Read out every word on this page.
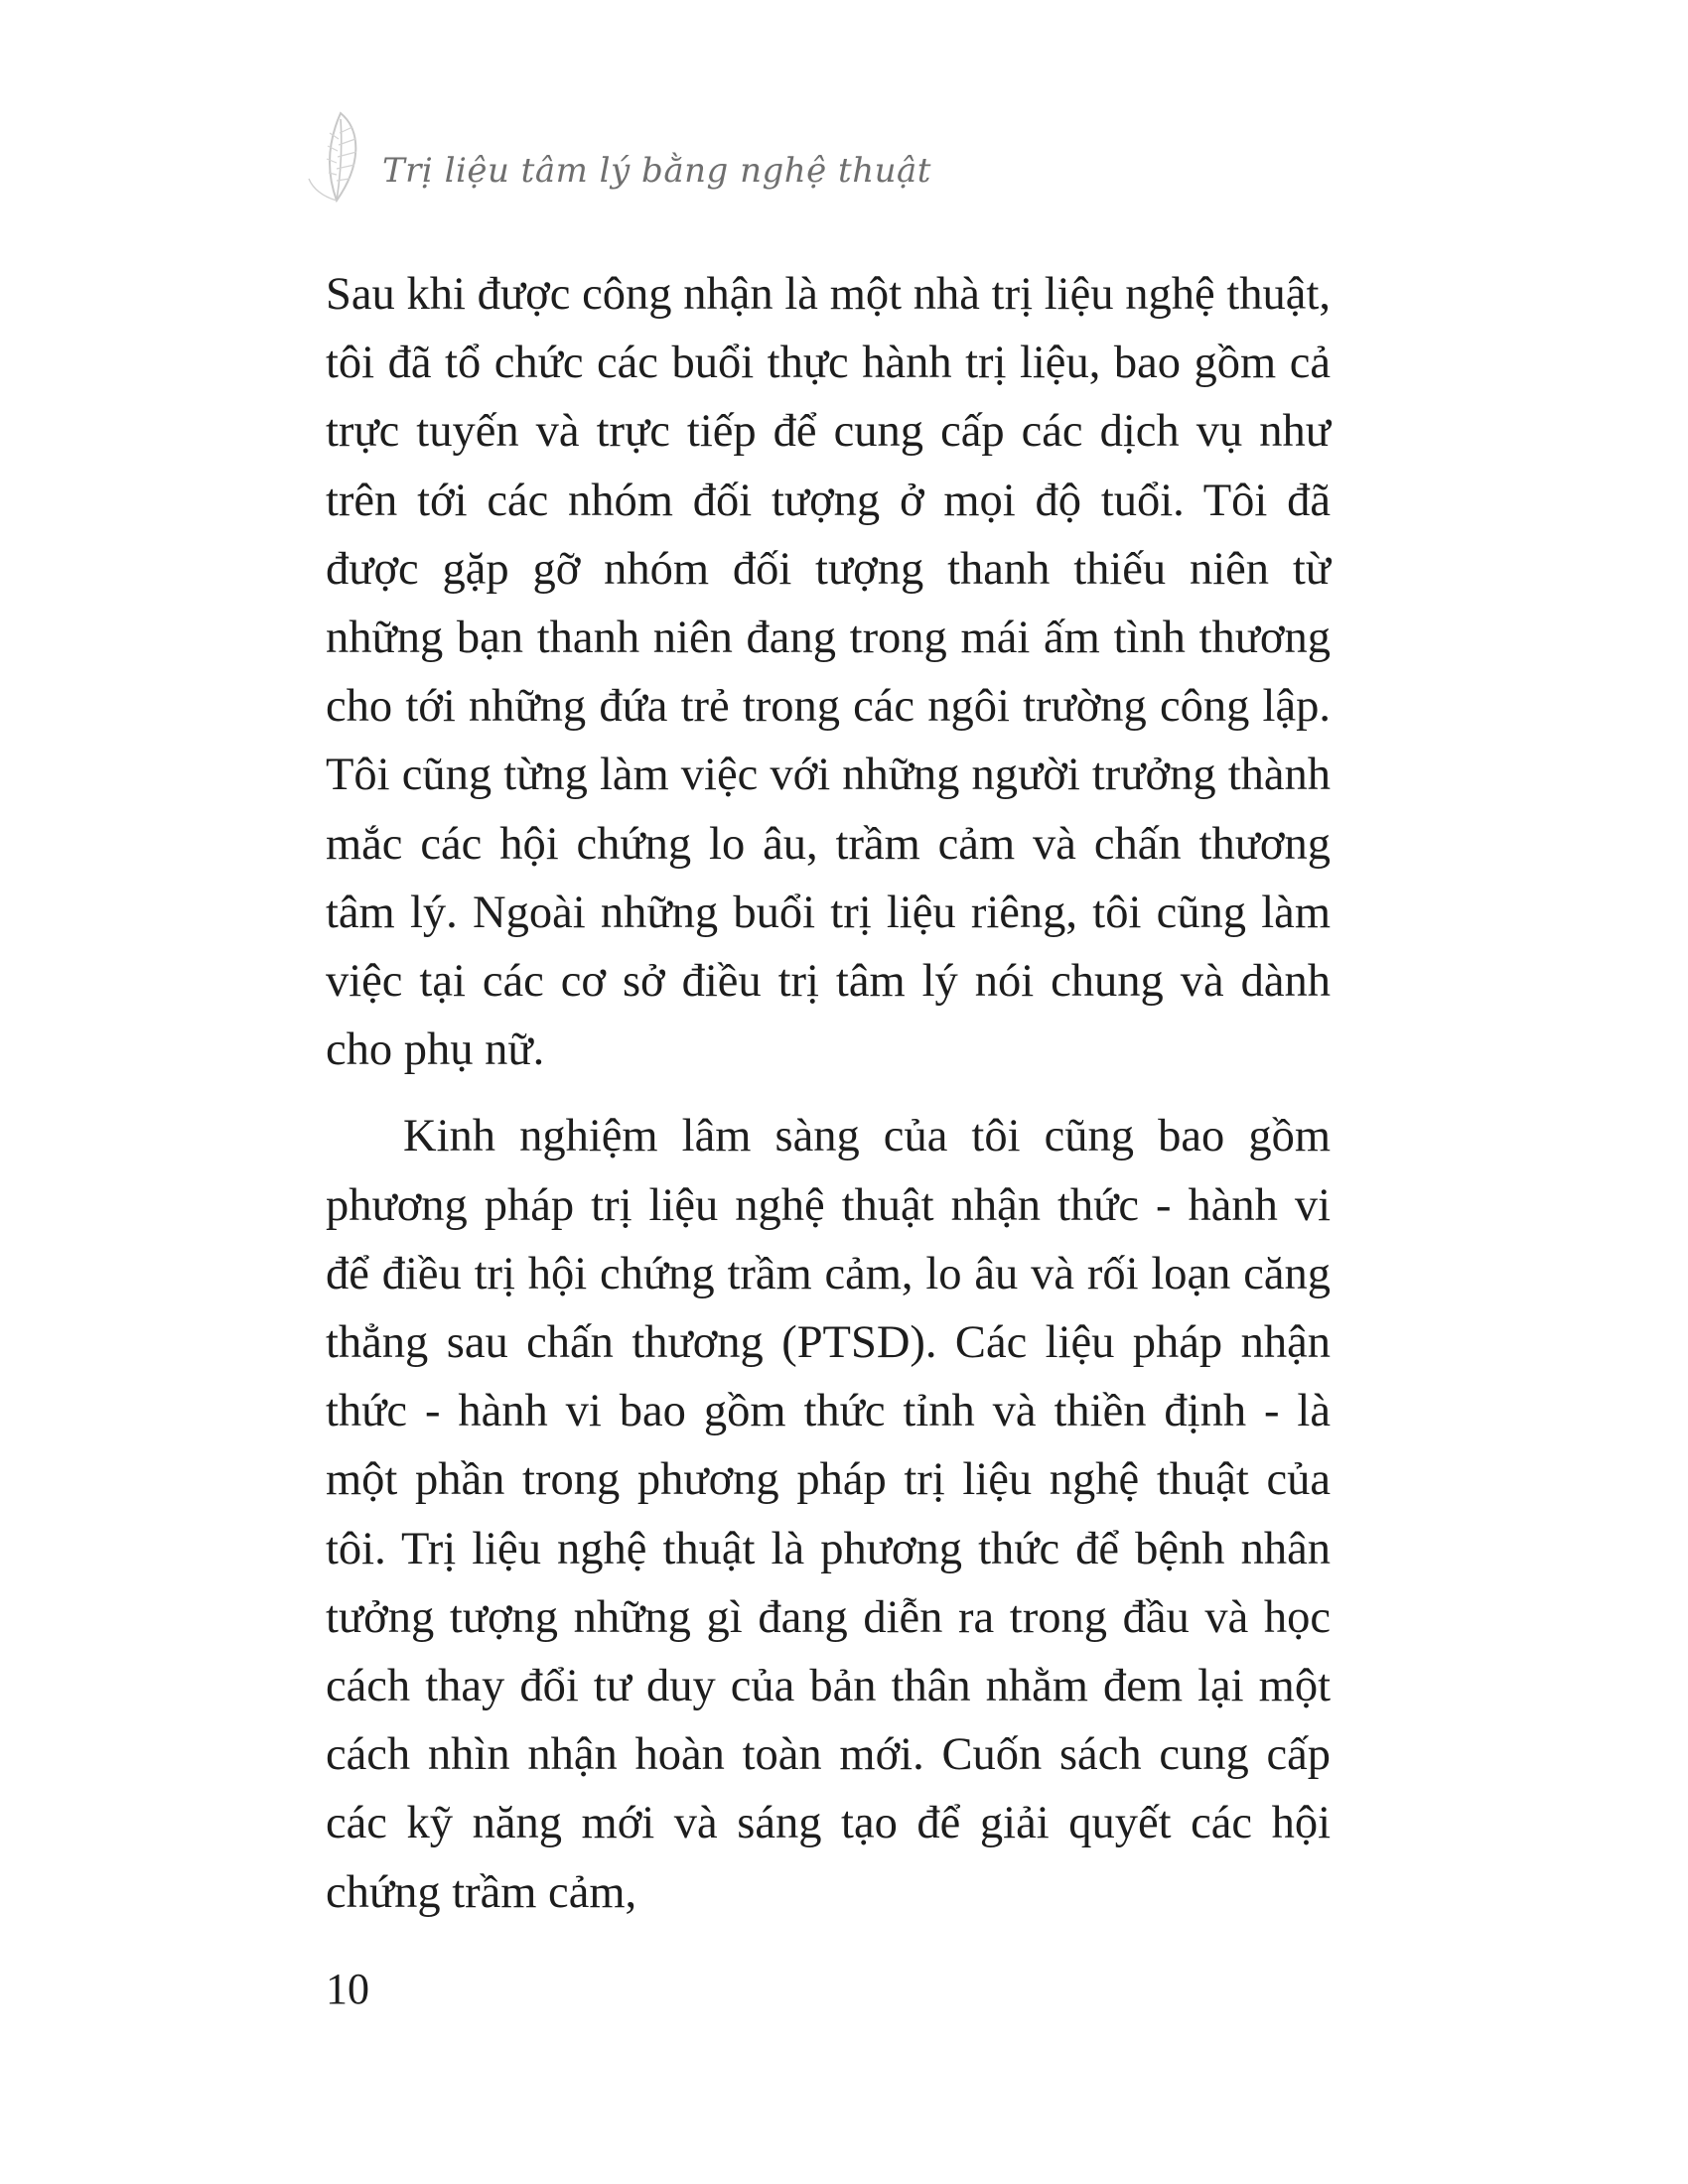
Trị liệu tâm lý bằng nghệ thuật

Sau khi được công nhận là một nhà trị liệu nghệ thuật, tôi đã tổ chức các buổi thực hành trị liệu, bao gồm cả trực tuyến và trực tiếp để cung cấp các dịch vụ như trên tới các nhóm đối tượng ở mọi độ tuổi. Tôi đã được gặp gỡ nhóm đối tượng thanh thiếu niên từ những bạn thanh niên đang trong mái ấm tình thương cho tới những đứa trẻ trong các ngôi trường công lập. Tôi cũng từng làm việc với những người trưởng thành mắc các hội chứng lo âu, trầm cảm và chấn thương tâm lý. Ngoài những buổi trị liệu riêng, tôi cũng làm việc tại các cơ sở điều trị tâm lý nói chung và dành cho phụ nữ.

Kinh nghiệm lâm sàng của tôi cũng bao gồm phương pháp trị liệu nghệ thuật nhận thức - hành vi để điều trị hội chứng trầm cảm, lo âu và rối loạn căng thẳng sau chấn thương (PTSD). Các liệu pháp nhận thức - hành vi bao gồm thức tỉnh và thiền định - là một phần trong phương pháp trị liệu nghệ thuật của tôi. Trị liệu nghệ thuật là phương thức để bệnh nhân tưởng tượng những gì đang diễn ra trong đầu và học cách thay đổi tư duy của bản thân nhằm đem lại một cách nhìn nhận hoàn toàn mới. Cuốn sách cung cấp các kỹ năng mới và sáng tạo để giải quyết các hội chứng trầm cảm,

10
